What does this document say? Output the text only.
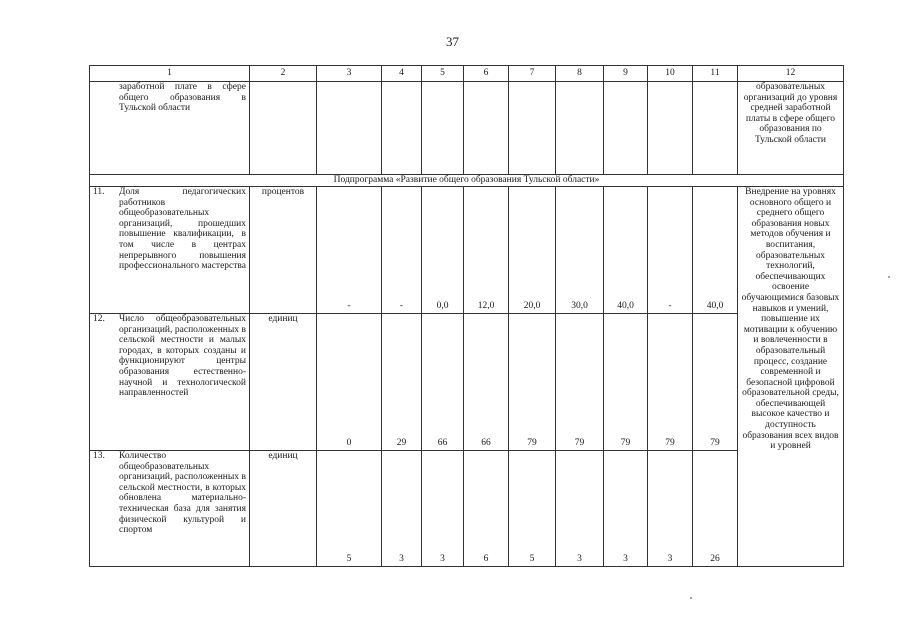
37
1	2	3	4	5	6	7	8	9	10	11	12
заработной плате в сфере общего образования в Тульской области											образовательных организаций до уровня средней заработной платы в сфере общего образования по Тульской области
Подпрограмма «Развитие общего образования Тульской области»											
11. Доля педагогических работников общеобразовательных организаций, прошедших повышение квалификации, в том числе в центрах непрерывного повышения профессионального мастерства	процентов	-	-	0,0	12,0	20,0	30,0	40,0	-	40,0	Внедрение на уровнях основного общего и среднего общего образования новых методов обучения и воспитания, образовательных технологий, обеспечивающих освоение обучающимися базовых навыков и умений, повышение их мотивации к обучению и вовлеченности в образовательный процесс, создание современной и безопасной цифровой образовательной среды, обеспечивающей высокое качество и доступность образования всех видов и уровней
12. Число общеобразовательных организаций, расположенных в сельской местности и малых городах, в которых созданы и функционируют центры образования естественно-научной и технологической направленностей	единиц	0	29	66	66	79	79	79	79	79	
13. Количество общеобразовательных организаций, расположенных в сельской местности, в которых обновлена материально-техническая база для занятия физической культурой и спортом	единиц	5	3	3	6	5	3	3	3	26	
